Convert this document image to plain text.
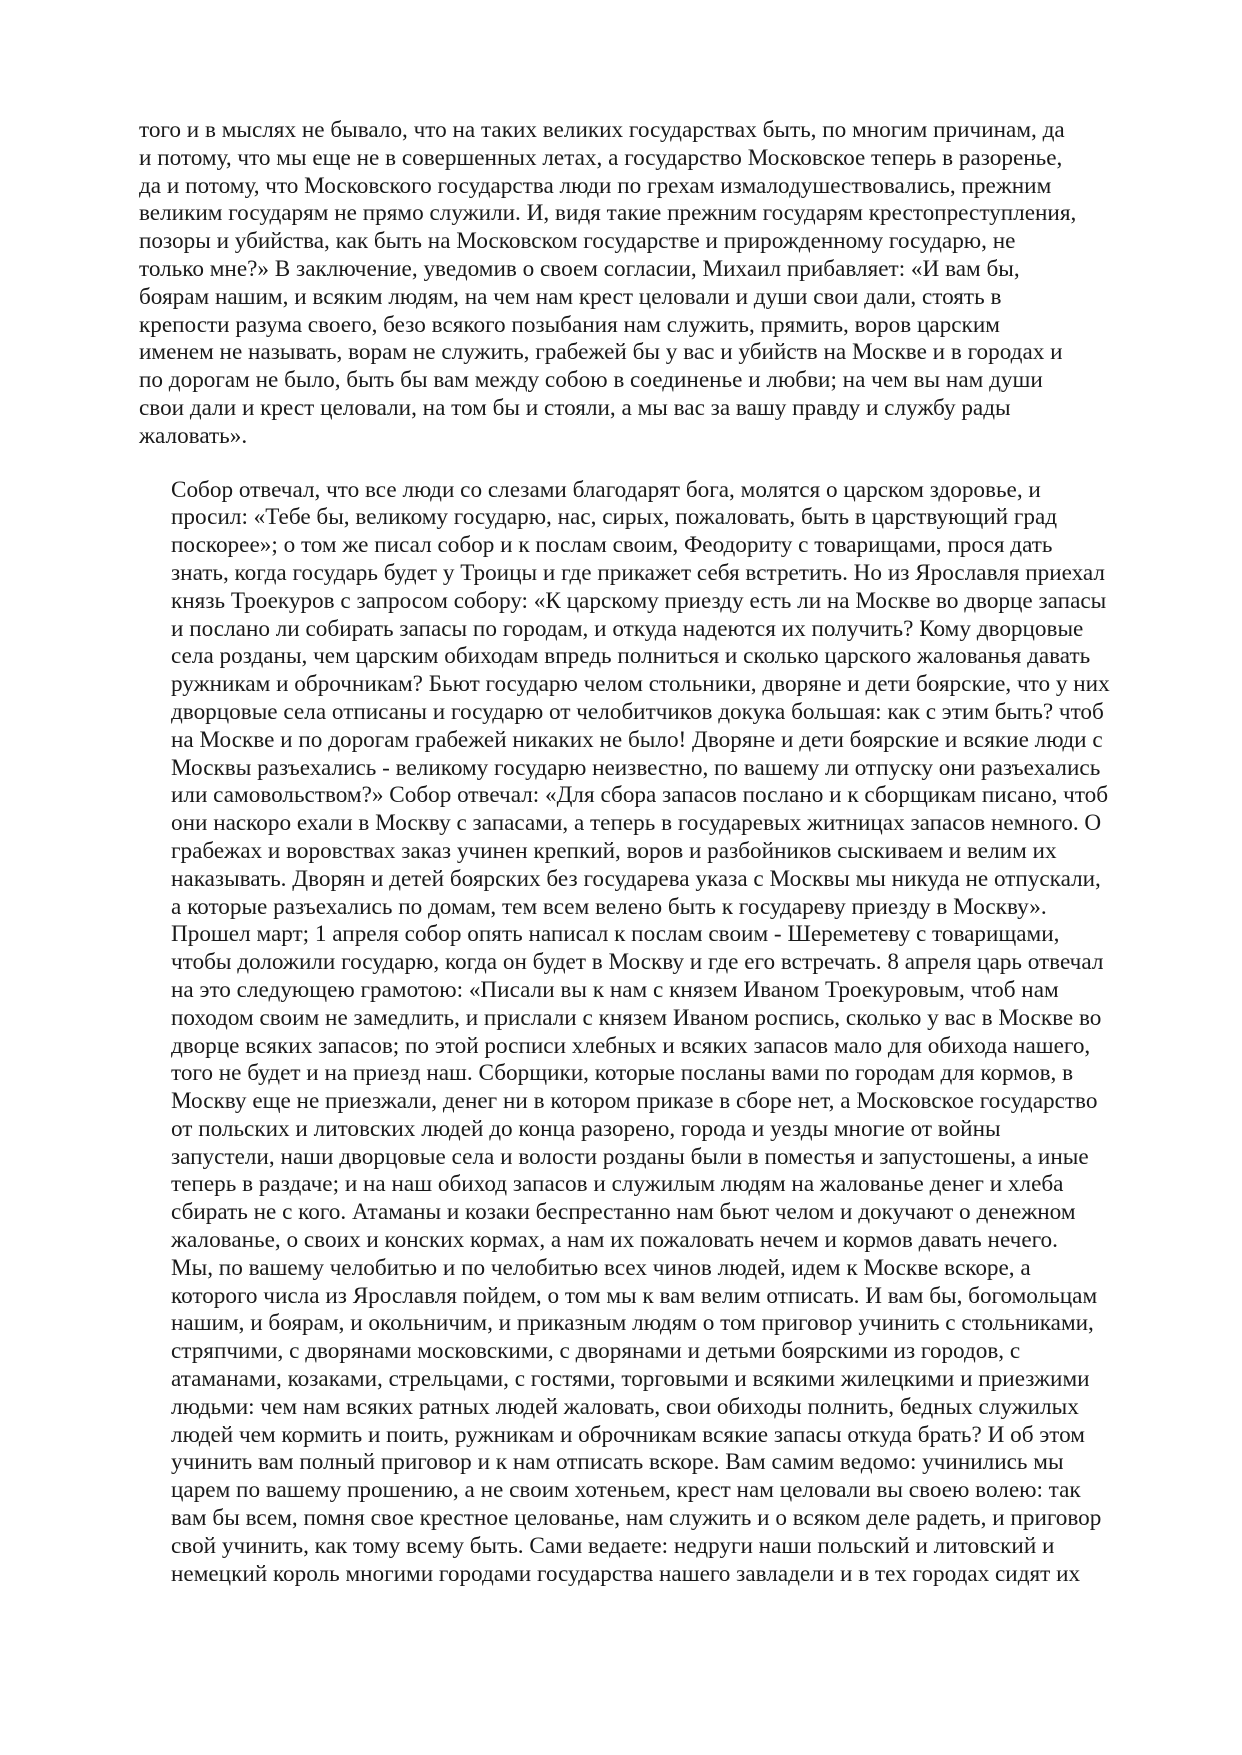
того и в мыслях не бывало, что на таких великих государствах быть, по многим причинам, да
и потому, что мы еще не в совершенных летах, а государство Московское теперь в разоренье,
да и потому, что Московского государства люди по грехам измалодушествовались, прежним
великим государям не прямо служили. И, видя такие прежним государям крестопреступления,
позоры и убийства, как быть на Московском государстве и прирожденному государю, не
только мне?» В заключение, уведомив о своем согласии, Михаил прибавляет: «И вам бы,
боярам нашим, и всяким людям, на чем нам крест целовали и души свои дали, стоять в
крепости разума своего, безо всякого позыбания нам служить, прямить, воров царским
именем не называть, ворам не служить, грабежей бы у вас и убийств на Москве и в городах и
по дорогам не было, быть бы вам между собою в соединенье и любви; на чем вы нам души
свои дали и крест целовали, на том бы и стояли, а мы вас за вашу правду и службу рады
жаловать».

Собор отвечал, что все люди со слезами благодарят бога, молятся о царском здоровье, и
просил: «Тебе бы, великому государю, нас, сирых, пожаловать, быть в царствующий град
поскорее»; о том же писал собор и к послам своим, Феодориту с товарищами, прося дать
знать, когда государь будет у Троицы и где прикажет себя встретить. Но из Ярославля приехал
князь Троекуров с запросом собору: «К царскому приезду есть ли на Москве во дворце запасы
и послано ли собирать запасы по городам, и откуда надеются их получить? Кому дворцовые
села розданы, чем царским обиходам впредь полниться и сколько царского жалованья давать
ружникам и оброчникам? Бьют государю челом стольники, дворяне и дети боярские, что у них
дворцовые села отписаны и государю от челобитчиков докука большая: как с этим быть? чтоб
на Москве и по дорогам грабежей никаких не было! Дворяне и дети боярские и всякие люди с
Москвы разъехались - великому государю неизвестно, по вашему ли отпуску они разъехались
или самовольством?» Собор отвечал: «Для сбора запасов послано и к сборщикам писано, чтоб
они наскоро ехали в Москву с запасами, а теперь в государевых житницах запасов немного. О
грабежах и воровствах заказ учинен крепкий, воров и разбойников сыскиваем и велим их
наказывать. Дворян и детей боярских без государева указа с Москвы мы никуда не отпускали,
а которые разъехались по домам, тем всем велено быть к государеву приезду в Москву».
Прошел март; 1 апреля собор опять написал к послам своим - Шереметеву с товарищами,
чтобы доложили государю, когда он будет в Москву и где его встречать. 8 апреля царь отвечал
на это следующею грамотою: «Писали вы к нам с князем Иваном Троекуровым, чтоб нам
походом своим не замедлить, и прислали с князем Иваном роспись, сколько у вас в Москве во
дворце всяких запасов; по этой росписи хлебных и всяких запасов мало для обихода нашего,
того не будет и на приезд наш. Сборщики, которые посланы вами по городам для кормов, в
Москву еще не приезжали, денег ни в котором приказе в сборе нет, а Московское государство
от польских и литовских людей до конца разорено, города и уезды многие от войны
запустели, наши дворцовые села и волости розданы были в поместья и запустошены, а иные
теперь в раздаче; и на наш обиход запасов и служилым людям на жалованье денег и хлеба
сбирать не с кого. Атаманы и козаки беспрестанно нам бьют челом и докучают о денежном
жалованье, о своих и конских кормах, а нам их пожаловать нечем и кормов давать нечего.
Мы, по вашему челобитью и по челобитью всех чинов людей, идем к Москве вскоре, а
которого числа из Ярославля пойдем, о том мы к вам велим отписать. И вам бы, богомольцам
нашим, и боярам, и окольничим, и приказным людям о том приговор учинить с стольниками,
стряпчими, с дворянами московскими, с дворянами и детьми боярскими из городов, с
атаманами, козаками, стрельцами, с гостями, торговыми и всякими жилецкими и приезжими
людьми: чем нам всяких ратных людей жаловать, свои обиходы полнить, бедных служилых
людей чем кормить и поить, ружникам и оброчникам всякие запасы откуда брать? И об этом
учинить вам полный приговор и к нам отписать вскоре. Вам самим ведомо: учинились мы
царем по вашему прошению, а не своим хотеньем, крест нам целовали вы своею волею: так
вам бы всем, помня свое крестное целованье, нам служить и о всяком деле радеть, и приговор
свой учинить, как тому всему быть. Сами ведаете: недруги наши польский и литовский и
немецкий король многими городами государства нашего завладели и в тех городах сидят их
